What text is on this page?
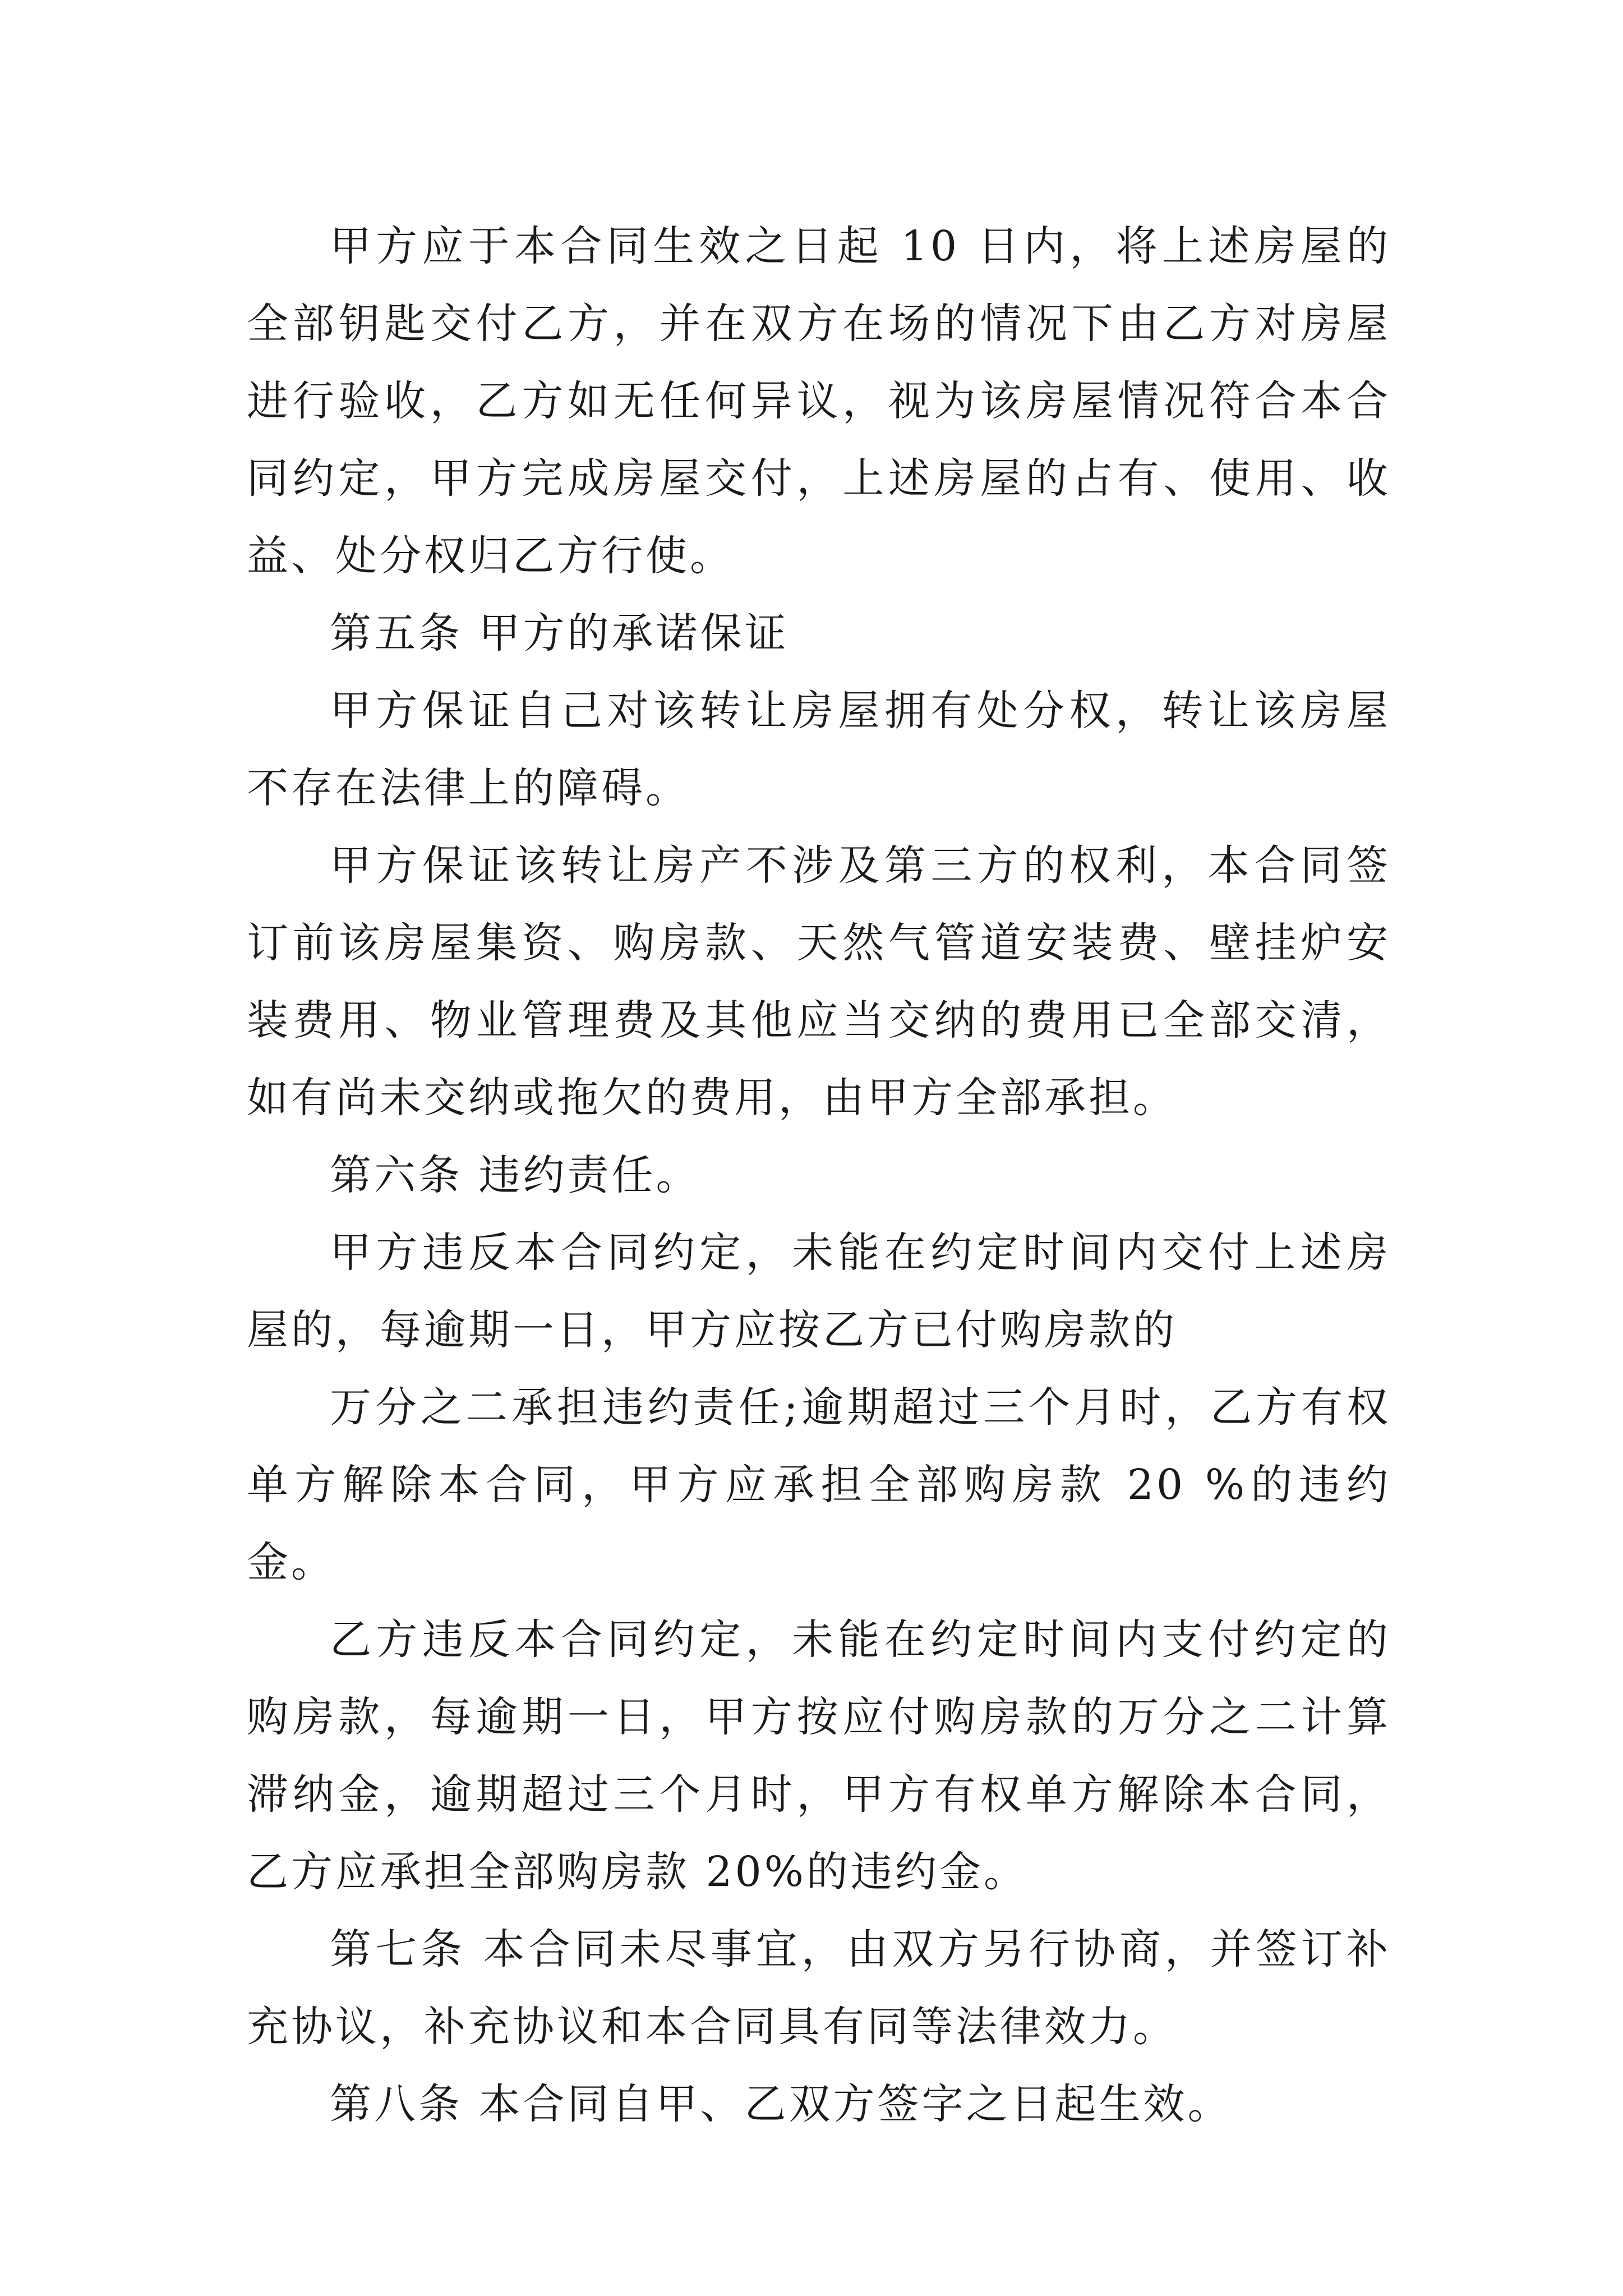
甲方应于本合同生效之日起 10 日内，将上述房屋的全部钥匙交付乙方，并在双方在场的情况下由乙方对房屋进行验收，乙方如无任何异议，视为该房屋情况符合本合同约定，甲方完成房屋交付，上述房屋的占有、使用、收益、处分权归乙方行使。

第五条 甲方的承诺保证

甲方保证自己对该转让房屋拥有处分权，转让该房屋不存在法律上的障碍。

甲方保证该转让房产不涉及第三方的权利，本合同签订前该房屋集资、购房款、天然气管道安装费、壁挂炉安装费用、物业管理费及其他应当交纳的费用已全部交清，如有尚未交纳或拖欠的费用，由甲方全部承担。

第六条 违约责任。

甲方违反本合同约定，未能在约定时间内交付上述房屋的，每逾期一日，甲方应按乙方已付购房款的

万分之二承担违约责任;逾期超过三个月时，乙方有权单方解除本合同，甲方应承担全部购房款 20 %的违约金。

乙方违反本合同约定，未能在约定时间内支付约定的购房款，每逾期一日，甲方按应付购房款的万分之二计算滞纳金，逾期超过三个月时，甲方有权单方解除本合同，乙方应承担全部购房款 20%的违约金。

第七条 本合同未尽事宜，由双方另行协商，并签订补充协议，补充协议和本合同具有同等法律效力。

第八条 本合同自甲、乙双方签字之日起生效。
